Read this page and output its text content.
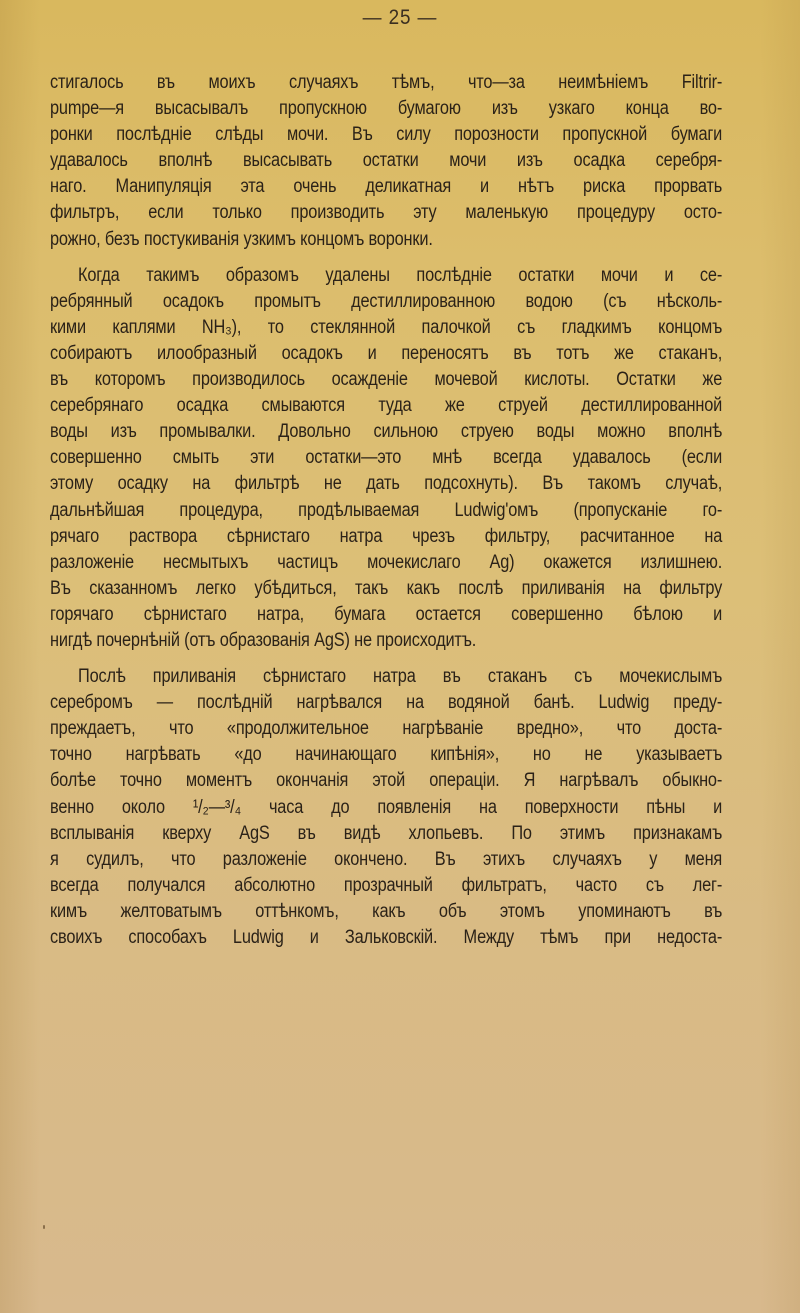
— 25 —
стигалось въ моихъ случаяхъ тѣмъ, что—за неимѣніемъ Filtrir-
pumpe—я высасывалъ пропускною бумагою изъ узкаго конца во-
ронки послѣдніе слѣды мочи. Въ силу порозности пропускной бумаги
удавалось вполнѣ высасывать остатки мочи изъ осадка серебря-
наго. Манипуляція эта очень деликатная и нѣтъ риска прорвать
фильтръ, если только производить эту маленькую процедуру осто-
рожно, безъ постукиванія узкимъ концомъ воронки.
Когда такимъ образомъ удалены послѣдніе остатки мочи и се-
ребрянный осадокъ промытъ дестиллированною водою (съ нѣсколь-
кими каплями NH₃), то стеклянной палочкой съ гладкимъ концомъ
собираютъ илообразный осадокъ и переносятъ въ тотъ же стаканъ,
въ которомъ производилось осажденіе мочевой кислоты. Остатки же
серебрянаго осадка смываются туда же струей дестиллированной
воды изъ промывалки. Довольно сильною струею воды можно вполнѣ
совершенно смыть эти остатки—это мнѣ всегда удавалось (если
этому осадку на фильтрѣ не дать подсохнуть). Въ такомъ случаѣ,
дальнѣйшая процедура, продѣлываемая Ludwig'омъ (пропусканіе го-
рячаго раствора сѣрнистаго натра чрезъ фильтру, расчитанное на
разложеніе несмытыхъ частицъ мочекислаго Ag) окажется излишнею.
Въ сказанномъ легко убѣдиться, такъ какъ послѣ приливанія на фильтру
горячаго сѣрнистаго натра, бумага остается совершенно бѣлою и
нигдѣ почернѣній (отъ образованія AgS) не происходитъ.
Послѣ приливанія сѣрнистаго натра въ стаканъ съ мочекислымъ
серебромъ — послѣдній нагрѣвался на водяной банѣ. Ludwig преду-
преждаетъ, что «продолжительное нагрѣваніе вредно», что доста-
точно нагрѣвать «до начинающаго кипѣнія», но не указываетъ
болѣе точно моментъ окончанія этой операціи. Я нагрѣвалъ обыкно-
венно около ¹/₂—³/₄ часа до появленія на поверхности пѣны и
всплыванія кверху AgS въ видѣ хлопьевъ. По этимъ признакамъ
я судилъ, что разложеніе окончено. Въ этихъ случаяхъ у меня
всегда получался абсолютно прозрачный фильтратъ, часто съ лег-
кимъ желтоватымъ оттѣнкомъ, какъ объ этомъ упоминаютъ въ
своихъ способахъ Ludwig и Зальковскій. Между тѣмъ при недоста-
